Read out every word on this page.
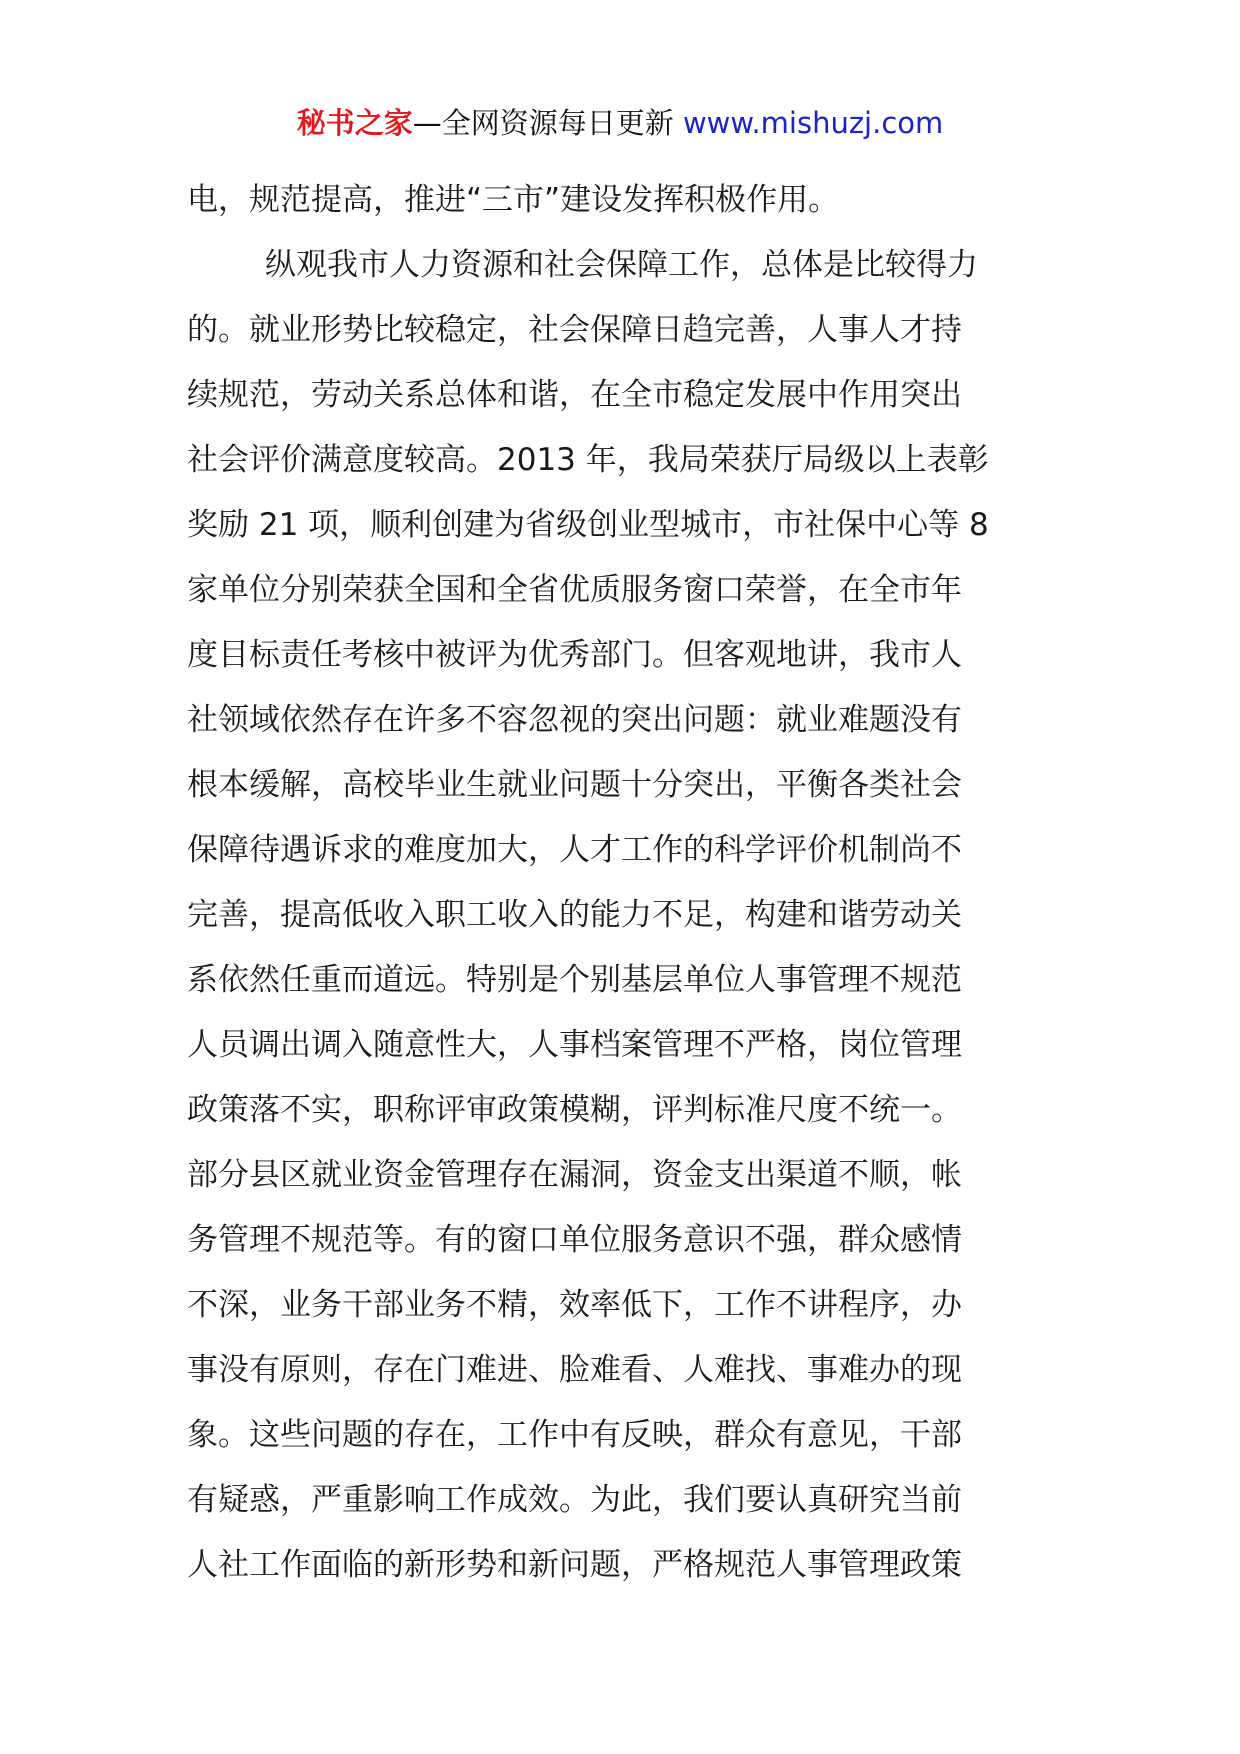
秘书之家—全网资源每日更新 www.mishuzj.com
电，规范提高，推进“三市”建设发挥积极作用。
纵观我市人力资源和社会保障工作，总体是比较得力
的。就业形势比较稳定，社会保障日趋完善，人事人才持
续规范，劳动关系总体和谐，在全市稳定发展中作用突出
社会评价满意度较高。2013 年，我局荣获厅局级以上表彰
奖励 21 项，顺利创建为省级创业型城市，市社保中心等 8
家单位分别荣获全国和全省优质服务窗口荣誉，在全市年
度目标责任考核中被评为优秀部门。但客观地讲，我市人
社领域依然存在许多不容忽视的突出问题：就业难题没有
根本缓解，高校毕业生就业问题十分突出，平衡各类社会
保障待遇诉求的难度加大，人才工作的科学评价机制尚不
完善，提高低收入职工收入的能力不足，构建和谐劳动关
系依然任重而道远。特别是个别基层单位人事管理不规范
人员调出调入随意性大，人事档案管理不严格，岗位管理
政策落不实，职称评审政策模糊，评判标准尺度不统一。
部分县区就业资金管理存在漏洞，资金支出渠道不顺，帐
务管理不规范等。有的窗口单位服务意识不强，群众感情
不深，业务干部业务不精，效率低下，工作不讲程序，办
事没有原则，存在门难进、脸难看、人难找、事难办的现
象。这些问题的存在，工作中有反映，群众有意见，干部
有疑惑，严重影响工作成效。为此，我们要认真研究当前
人社工作面临的新形势和新问题，严格规范人事管理政策
